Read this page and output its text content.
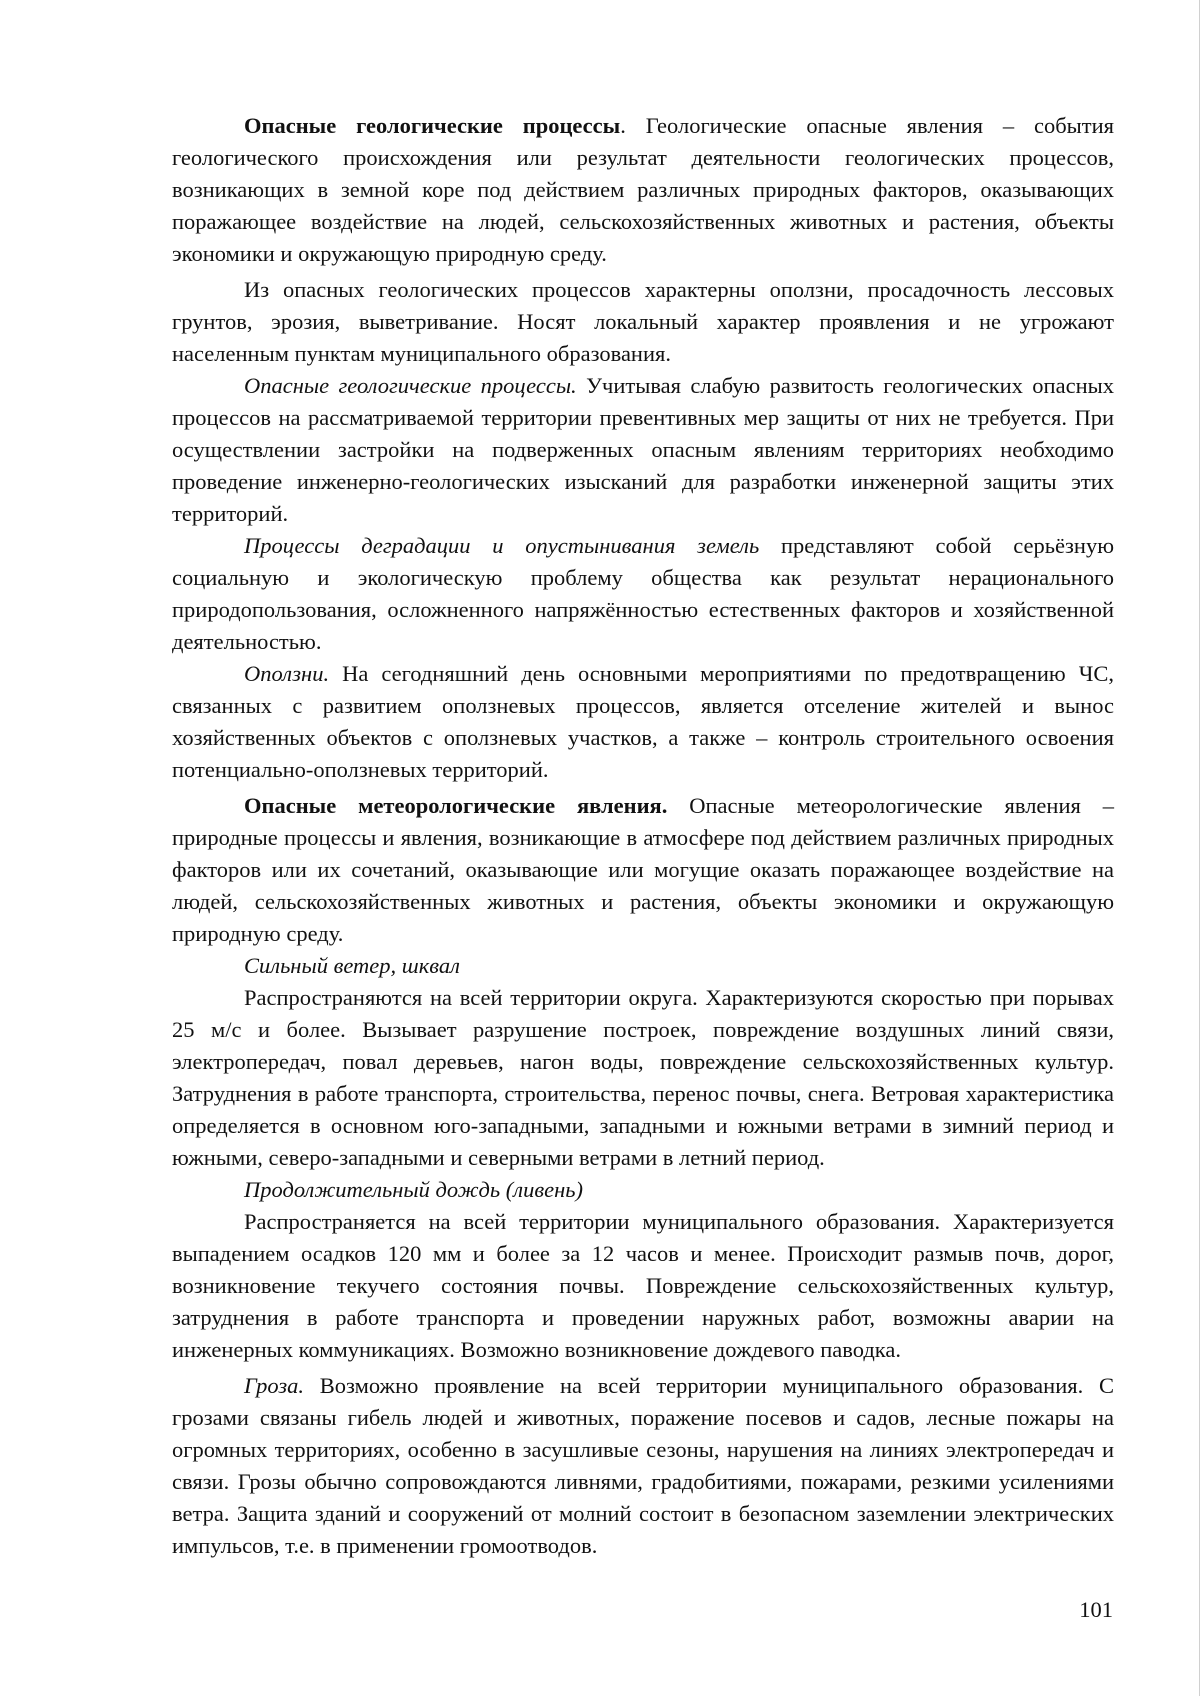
Опасные геологические процессы. Геологические опасные явления – события геологического происхождения или результат деятельности геологических процессов, возникающих в земной коре под действием различных природных факторов, оказывающих поражающее воздействие на людей, сельскохозяйственных животных и растения, объекты экономики и окружающую природную среду.

Из опасных геологических процессов характерны оползни, просадочность лессовых грунтов, эрозия, выветривание. Носят локальный характер проявления и не угрожают населенным пунктам муниципального образования.

Опасные геологические процессы. Учитывая слабую развитость геологических опасных процессов на рассматриваемой территории превентивных мер защиты от них не требуется. При осуществлении застройки на подверженных опасным явлениям территориях необходимо проведение инженерно-геологических изысканий для разработки инженерной защиты этих территорий.

Процессы деградации и опустынивания земель представляют собой серьёзную социальную и экологическую проблему общества как результат нерационального природопользования, осложненного напряжённостью естественных факторов и хозяйственной деятельностью.

Оползни. На сегодняшний день основными мероприятиями по предотвращению ЧС, связанных с развитием оползневых процессов, является отселение жителей и вынос хозяйственных объектов с оползневых участков, а также – контроль строительного освоения потенциально-оползневых территорий.

Опасные метеорологические явления. Опасные метеорологические явления – природные процессы и явления, возникающие в атмосфере под действием различных природных факторов или их сочетаний, оказывающие или могущие оказать поражающее воздействие на людей, сельскохозяйственных животных и растения, объекты экономики и окружающую природную среду.

Сильный ветер, шквал

Распространяются на всей территории округа. Характеризуются скоростью при порывах 25 м/с и более. Вызывает разрушение построек, повреждение воздушных линий связи, электропередач, повал деревьев, нагон воды, повреждение сельскохозяйственных культур. Затруднения в работе транспорта, строительства, перенос почвы, снега. Ветровая характеристика определяется в основном юго-западными, западными и южными ветрами в зимний период и южными, северо-западными и северными ветрами в летний период.

Продолжительный дождь (ливень)

Распространяется на всей территории муниципального образования. Характеризуется выпадением осадков 120 мм и более за 12 часов и менее. Происходит размыв почв, дорог, возникновение текучего состояния почвы. Повреждение сельскохозяйственных культур, затруднения в работе транспорта и проведении наружных работ, возможны аварии на инженерных коммуникациях. Возможно возникновение дождевого паводка.

Гроза. Возможно проявление на всей территории муниципального образования. С грозами связаны гибель людей и животных, поражение посевов и садов, лесные пожары на огромных территориях, особенно в засушливые сезоны, нарушения на линиях электропередач и связи. Грозы обычно сопровождаются ливнями, градобитиями, пожарами, резкими усилениями ветра. Защита зданий и сооружений от молний состоит в безопасном заземлении электрических импульсов, т.е. в применении громоотводов.

101
